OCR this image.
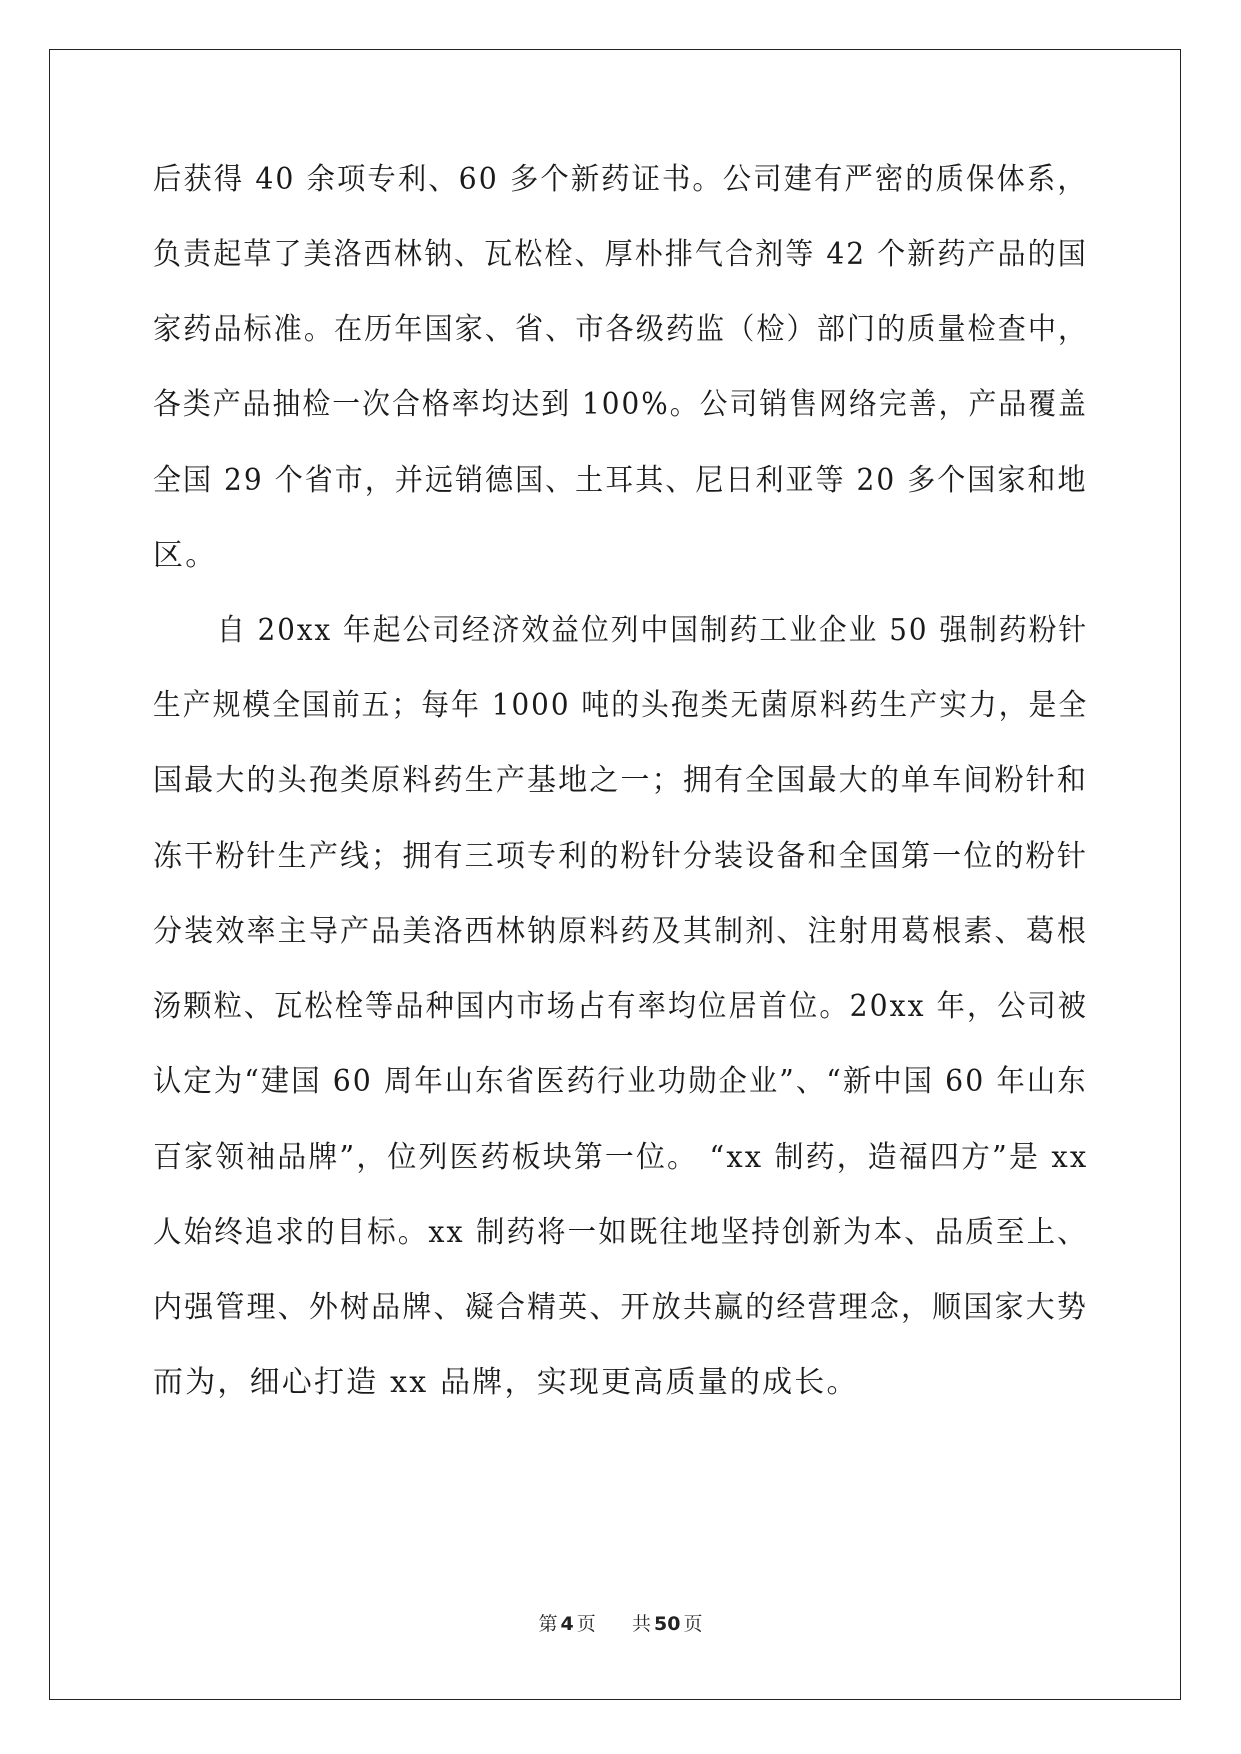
后获得 40 余项专利、60 多个新药证书。公司建有严密的质保体系，
负责起草了美洛西林钠、瓦松栓、厚朴排气合剂等 42 个新药产品的国
家药品标准。在历年国家、省、市各级药监（检）部门的质量检查中，
各类产品抽检一次合格率均达到 100%。公司销售网络完善，产品覆盖
全国 29 个省市，并远销德国、土耳其、尼日利亚等 20 多个国家和地
区。
自 20xx 年起公司经济效益位列中国制药工业企业 50 强制药粉针
生产规模全国前五；每年 1000 吨的头孢类无菌原料药生产实力，是全
国最大的头孢类原料药生产基地之一；拥有全国最大的单车间粉针和
冻干粉针生产线；拥有三项专利的粉针分装设备和全国第一位的粉针
分装效率主导产品美洛西林钠原料药及其制剂、注射用葛根素、葛根
汤颗粒、瓦松栓等品种国内市场占有率均位居首位。20xx 年，公司被
认定为“建国 60 周年山东省医药行业功勋企业”、“新中国 60 年山东
百家领袖品牌”，位列医药板块第一位。 “xx 制药，造福四方”是 xx
人始终追求的目标。xx 制药将一如既往地坚持创新为本、品质至上、
内强管理、外树品牌、凝合精英、开放共赢的经营理念，顺国家大势
而为，细心打造 xx 品牌，实现更高质量的成长。
第 4 页 共 50 页
